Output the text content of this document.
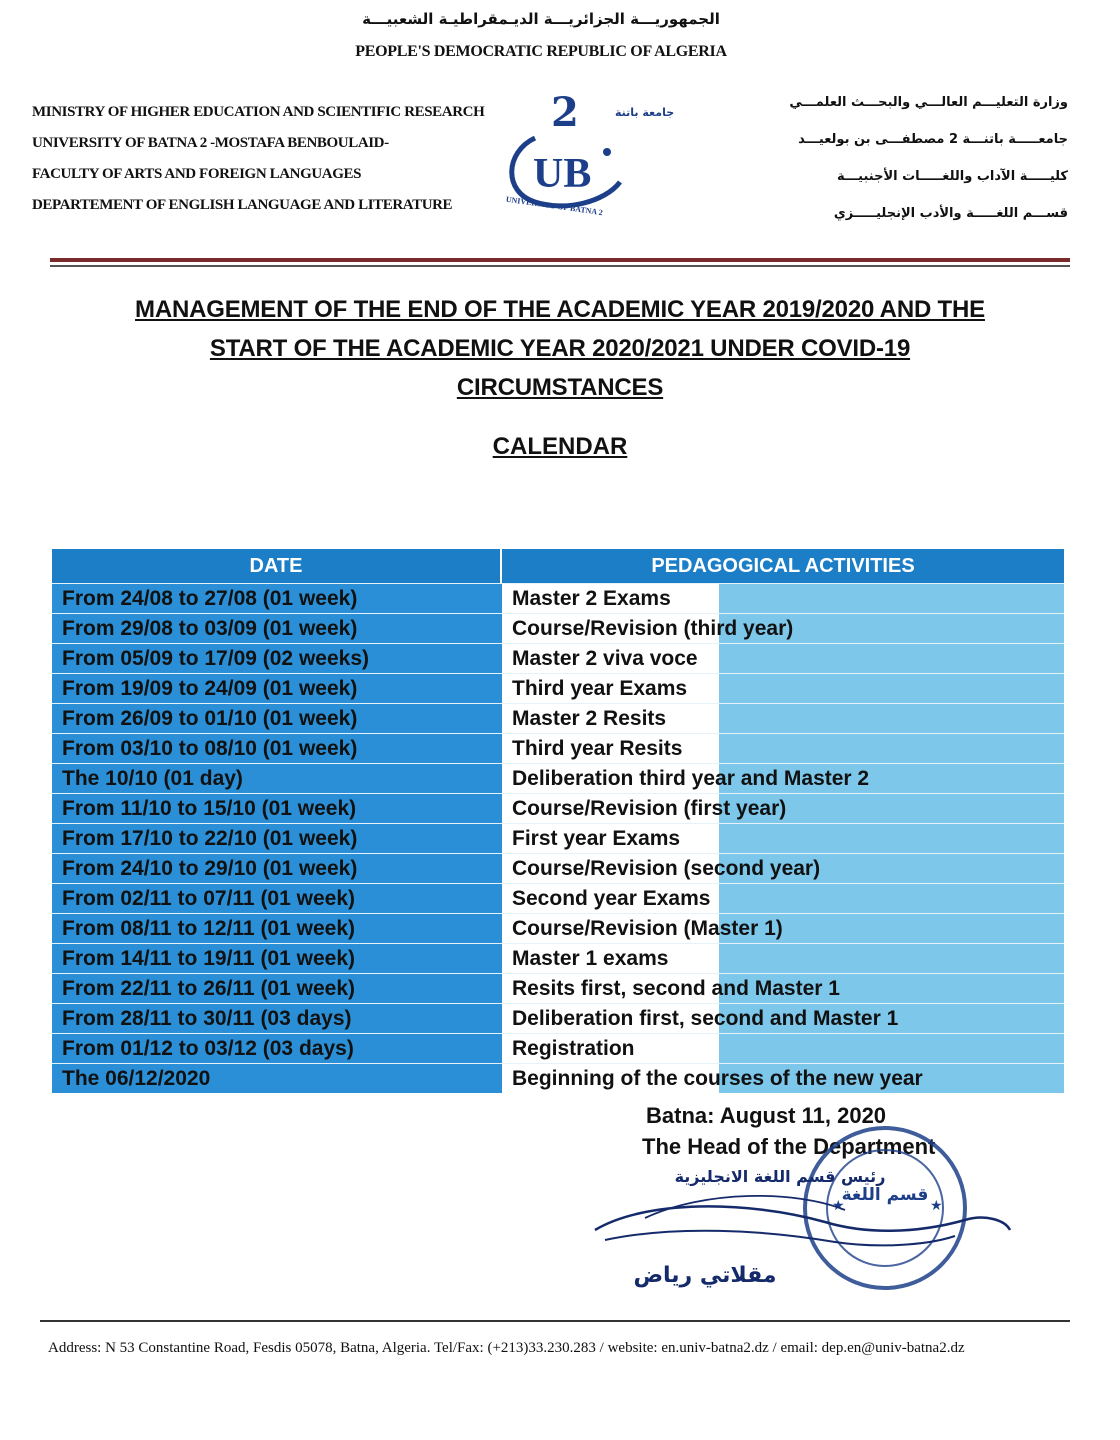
الجمهوريـــة الجزائريـــة الديـمقراطيـة الشعبيـــة
PEOPLE'S DEMOCRATIC REPUBLIC OF ALGERIA
MINISTRY OF HIGHER EDUCATION AND SCIENTIFIC RESEARCH
UNIVERSITY OF BATNA 2 -MOSTAFA BENBOULAID-
FACULTY OF ARTS AND FOREIGN LANGUAGES
DEPARTEMENT OF ENGLISH LANGUAGE AND LITERATURE
جامعة باتنة
2
UB
UNIVERSITY OF BATNA 2
وزارة التعليـــم العالـــي والبحـــث العلمـــي
جامعـــــة باتنـــة 2 مصطفـــى بن بولعيـــد
كليـــــة الآداب واللغـــــات الأجنبيـــة
قســـم اللغـــــة والأدب الإنجليـــــزي
MANAGEMENT OF THE END OF THE ACADEMIC YEAR 2019/2020 AND THE
START OF THE ACADEMIC YEAR 2020/2021 UNDER COVID-19
CIRCUMSTANCES
CALENDAR
DATE	PEDAGOGICAL ACTIVITIES
From 24/08 to 27/08 (01 week)	Master 2 Exams
From 29/08 to 03/09 (01 week)	Course/Revision (third year)
From 05/09 to 17/09 (02 weeks)	Master 2 viva voce
From 19/09 to 24/09 (01 week)	Third year Exams
From 26/09 to 01/10 (01 week)	Master 2 Resits
From 03/10 to 08/10 (01 week)	Third year Resits
The 10/10 (01 day)	Deliberation third year and Master 2
From 11/10 to 15/10 (01 week)	Course/Revision (first year)
From 17/10 to 22/10 (01 week)	First year Exams
From 24/10 to 29/10 (01 week)	Course/Revision (second year)
From 02/11 to 07/11 (01 week)	Second year Exams
From 08/11 to 12/11 (01 week)	Course/Revision (Master 1)
From 14/11 to 19/11 (01 week)	Master 1 exams
From 22/11 to 26/11 (01 week)	Resits first, second and Master 1
From 28/11 to 30/11 (03 days)	Deliberation first, second and Master 1
From 01/12 to 03/12 (03 days)	Registration
The 06/12/2020	Beginning of the courses of the new year
Batna: August 11, 2020
The Head of the Department
★	★
قسم اللغة
رئيس قسم اللغة الانجليزية
مقلاتي رياض
Address: N 53 Constantine Road, Fesdis 05078, Batna, Algeria. Tel/Fax: (+213)33.230.283 / website: en.univ-batna2.dz / email: dep.en@univ-batna2.dz
